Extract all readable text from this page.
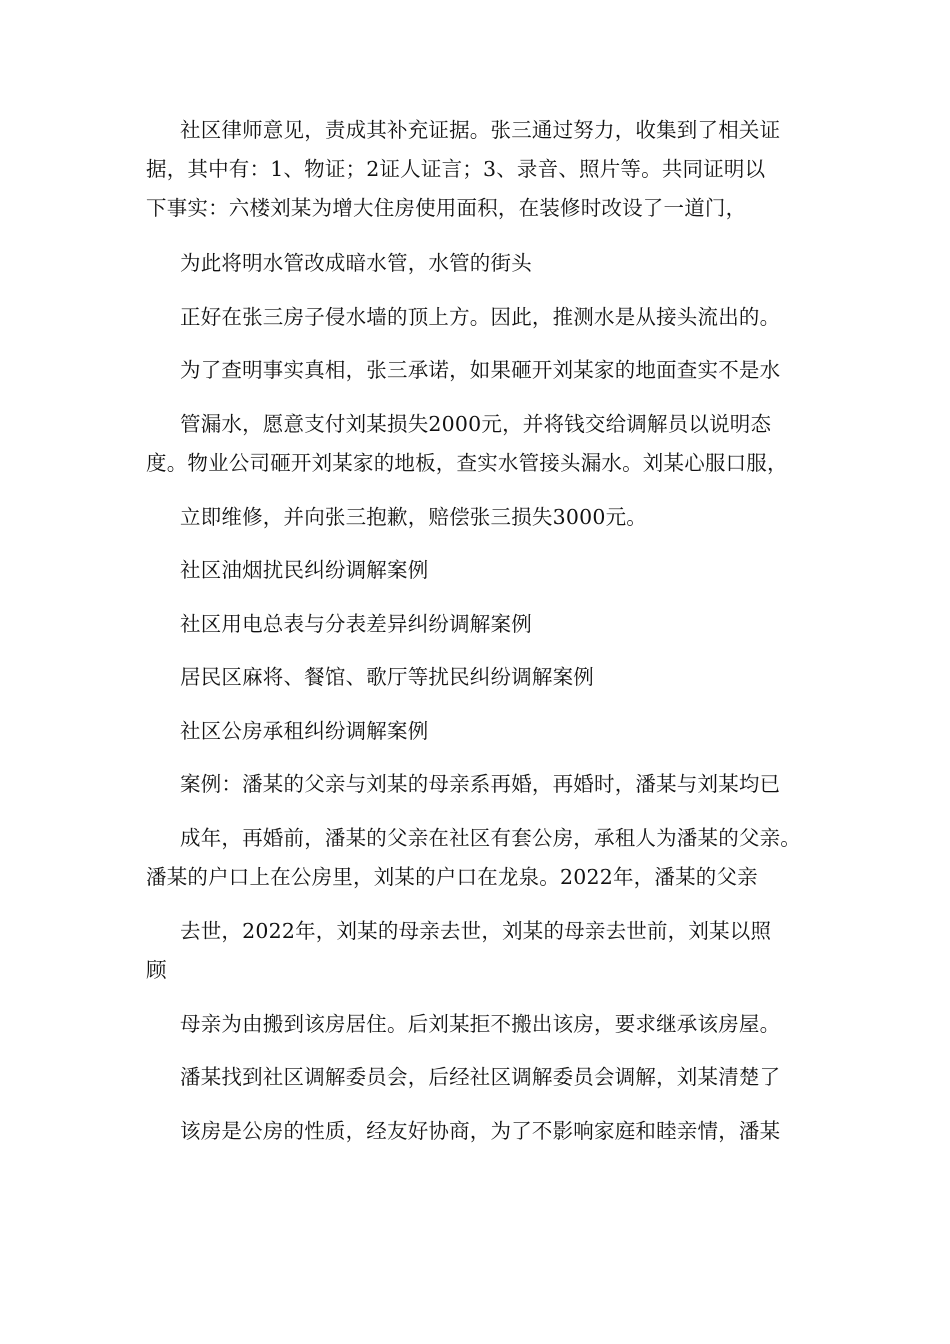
社区律师意见，责成其补充证据。张三通过努力，收集到了相关证
据，其中有：1、物证；2证人证言；3、录音、照片等。共同证明以
下事实：六楼刘某为增大住房使用面积，在装修时改设了一道门，
为此将明水管改成暗水管，水管的街头
正好在张三房子侵水墙的顶上方。因此，推测水是从接头流出的。
为了查明事实真相，张三承诺，如果砸开刘某家的地面查实不是水
管漏水，愿意支付刘某损失2000元，并将钱交给调解员以说明态
度。物业公司砸开刘某家的地板，查实水管接头漏水。刘某心服口服，
立即维修，并向张三抱歉，赔偿张三损失3000元。
社区油烟扰民纠纷调解案例
社区用电总表与分表差异纠纷调解案例
居民区麻将、餐馆、歌厅等扰民纠纷调解案例
社区公房承租纠纷调解案例
案例：潘某的父亲与刘某的母亲系再婚，再婚时，潘某与刘某均已
成年，再婚前，潘某的父亲在社区有套公房，承租人为潘某的父亲。
潘某的户口上在公房里，刘某的户口在龙泉。2022年，潘某的父亲
去世，2022年，刘某的母亲去世，刘某的母亲去世前，刘某以照
顾
母亲为由搬到该房居住。后刘某拒不搬出该房，要求继承该房屋。
潘某找到社区调解委员会，后经社区调解委员会调解，刘某清楚了
该房是公房的性质，经友好协商，为了不影响家庭和睦亲情，潘某
